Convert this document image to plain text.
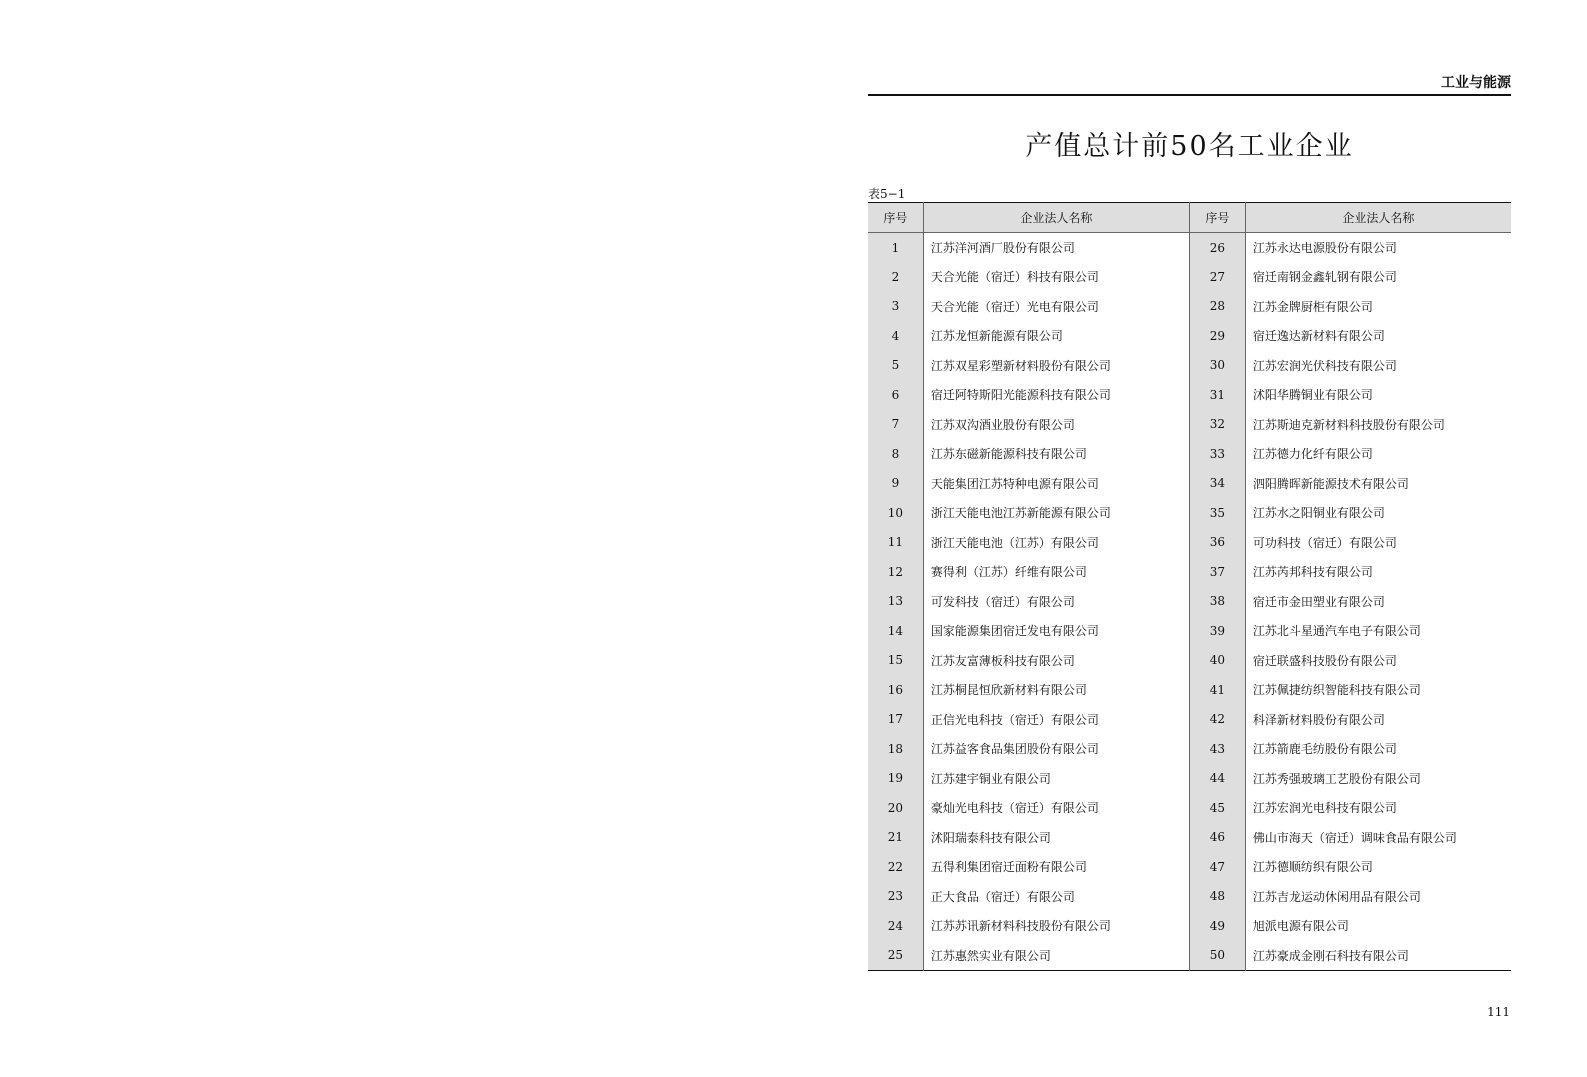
工业与能源
产值总计前50名工业企业
表5−1
序号	企业法人名称	序号	企业法人名称
1	江苏洋河酒厂股份有限公司	26	江苏永达电源股份有限公司
2	天合光能（宿迁）科技有限公司	27	宿迁南钢金鑫轧钢有限公司
3	天合光能（宿迁）光电有限公司	28	江苏金牌厨柜有限公司
4	江苏龙恒新能源有限公司	29	宿迁逸达新材料有限公司
5	江苏双星彩塑新材料股份有限公司	30	江苏宏润光伏科技有限公司
6	宿迁阿特斯阳光能源科技有限公司	31	沭阳华腾铜业有限公司
7	江苏双沟酒业股份有限公司	32	江苏斯迪克新材料科技股份有限公司
8	江苏东磁新能源科技有限公司	33	江苏德力化纤有限公司
9	天能集团江苏特种电源有限公司	34	泗阳腾晖新能源技术有限公司
10	浙江天能电池江苏新能源有限公司	35	江苏水之阳铜业有限公司
11	浙江天能电池（江苏）有限公司	36	可功科技（宿迁）有限公司
12	赛得利（江苏）纤维有限公司	37	江苏芮邦科技有限公司
13	可发科技（宿迁）有限公司	38	宿迁市金田塑业有限公司
14	国家能源集团宿迁发电有限公司	39	江苏北斗星通汽车电子有限公司
15	江苏友富薄板科技有限公司	40	宿迁联盛科技股份有限公司
16	江苏桐昆恒欣新材料有限公司	41	江苏佩捷纺织智能科技有限公司
17	正信光电科技（宿迁）有限公司	42	科泽新材料股份有限公司
18	江苏益客食品集团股份有限公司	43	江苏箭鹿毛纺股份有限公司
19	江苏建宇铜业有限公司	44	江苏秀强玻璃工艺股份有限公司
20	豪灿光电科技（宿迁）有限公司	45	江苏宏润光电科技有限公司
21	沭阳瑞泰科技有限公司	46	佛山市海天（宿迁）调味食品有限公司
22	五得利集团宿迁面粉有限公司	47	江苏德顺纺织有限公司
23	正大食品（宿迁）有限公司	48	江苏吉龙运动休闲用品有限公司
24	江苏苏讯新材料科技股份有限公司	49	旭派电源有限公司
25	江苏惠然实业有限公司	50	江苏豪成金刚石科技有限公司
111
